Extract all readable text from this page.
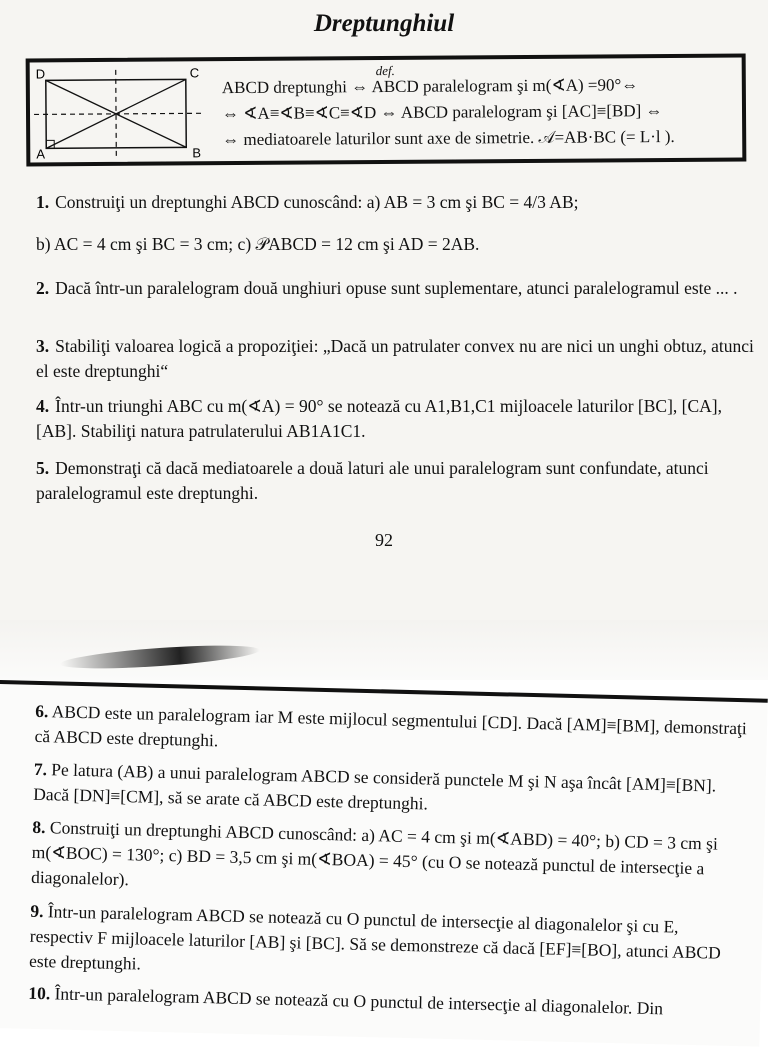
Dreptunghiul
D	C
A	B
def.
ABCD dreptunghi ⇔ ABCD paralelogram şi m(∢A) =90°⇔
⇔ ∢A≡∢B≡∢C≡∢D ⇔ ABCD paralelogram şi [AC]≡[BD] ⇔
⇔ mediatoarele laturilor sunt axe de simetrie. 𝒜=AB·BC (= L·l ).
1. Construiţi un dreptunghi ABCD cunoscând: a) AB = 3 cm şi BC = 4/3 AB;
b) AC = 4 cm şi BC = 3 cm; c) 𝒫ABCD = 12 cm şi AD = 2AB.
2. Dacă într-un paralelogram două unghiuri opuse sunt suplementare, atunci paralelogramul este ... .
3. Stabiliţi valoarea logică a propoziţiei: „Dacă un patrulater convex nu are nici un unghi obtuz, atunci el este dreptunghi“
4. Într-un triunghi ABC cu m(∢A) = 90° se notează cu A1,B1,C1 mijloacele laturilor [BC], [CA], [AB]. Stabiliţi natura patrulaterului AB1A1C1.
5. Demonstraţi că dacă mediatoarele a două laturi ale unui paralelogram sunt confundate, atunci paralelogramul este dreptunghi.
92
6. ABCD este un paralelogram iar M este mijlocul segmentului [CD]. Dacă [AM]≡[BM], demonstraţi că ABCD este dreptunghi.
7. Pe latura (AB) a unui paralelogram ABCD se consideră punctele M şi N aşa încât [AM]≡[BN]. Dacă [DN]≡[CM], să se arate că ABCD este dreptunghi.
8. Construiţi un dreptunghi ABCD cunoscând: a) AC = 4 cm şi m(∢ABD) = 40°; b) CD = 3 cm şi m(∢BOC) = 130°; c) BD = 3,5 cm şi m(∢BOA) = 45° (cu O se notează punctul de intersecţie a diagonalelor).
9. Într-un paralelogram ABCD se notează cu O punctul de intersecţie al diagonalelor şi cu E, respectiv F mijloacele laturilor [AB] şi [BC]. Să se demonstreze că dacă [EF]≡[BO], atunci ABCD este dreptunghi.
10. Într-un paralelogram ABCD se notează cu O punctul de intersecţie al diagonalelor. Din
